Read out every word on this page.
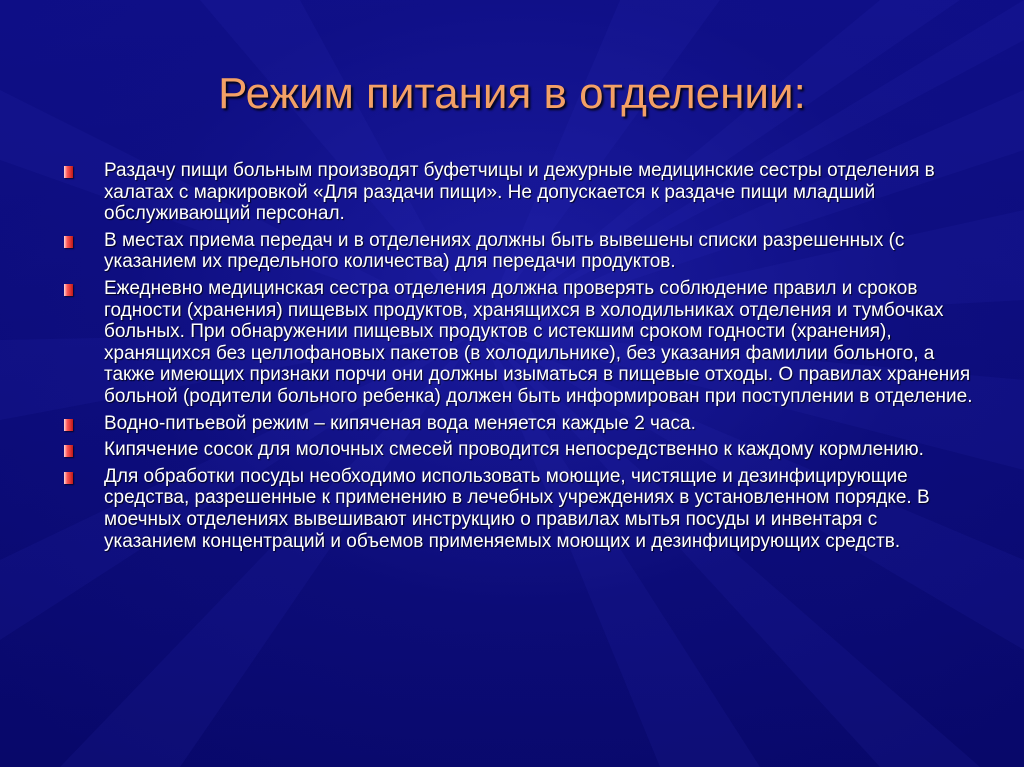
Режим питания в отделении:
Раздачу пищи больным производят буфетчицы и дежурные медицинские сестры отделения в халатах с маркировкой «Для раздачи пищи». Не допускается к раздаче пищи младший обслуживающий персонал.
В местах приема передач и в отделениях должны быть вывешены списки разрешенных (с указанием их предельного количества) для передачи продуктов.
Ежедневно медицинская сестра отделения должна проверять соблюдение правил и сроков годности (хранения) пищевых продуктов, хранящихся в холодильниках отделения и тумбочках больных. При обнаружении пищевых продуктов с истекшим сроком годности (хранения), хранящихся без целлофановых пакетов (в холодильнике), без указания фамилии больного, а также имеющих признаки порчи они должны изыматься в пищевые отходы. О правилах хранения больной (родители больного ребенка) должен быть информирован при поступлении в отделение.
Водно-питьевой режим – кипяченая вода меняется каждые 2 часа.
Кипячение сосок для молочных смесей проводится непосредственно к каждому кормлению.
Для обработки посуды необходимо использовать моющие, чистящие и дезинфицирующие средства, разрешенные к применению в лечебных учреждениях в установленном порядке. В моечных отделениях вывешивают инструкцию о правилах мытья посуды и инвентаря с указанием концентраций и объемов применяемых моющих и дезинфицирующих средств.
